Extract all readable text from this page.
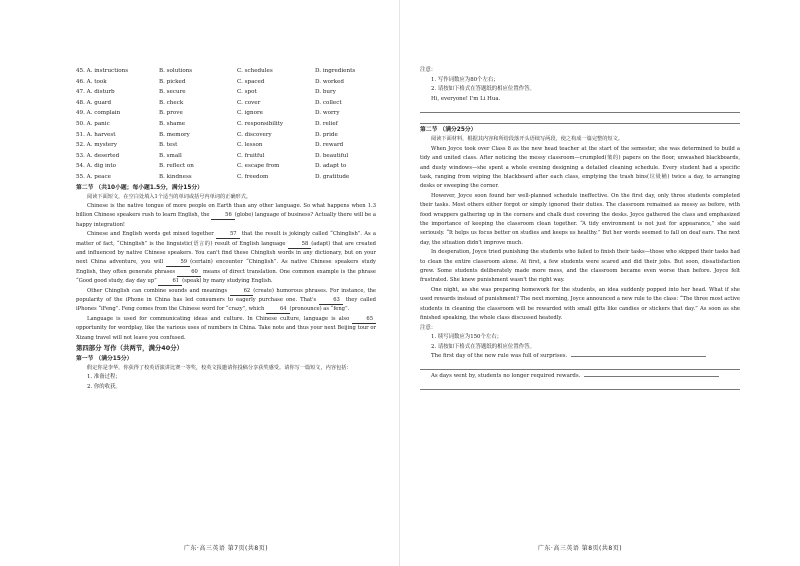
45. A. instructions	B. solutions	C. schedules	D. ingredients
46. A. took	B. picked	C. spaced	D. worked
47. A. disturb	B. secure	C. spot	D. bury
48. A. guard	B. check	C. cover	D. collect
49. A. complain	B. prove	C. ignore	D. worry
50. A. panic	B. shame	C. responsibility	D. relief
51. A. harvest	B. memory	C. discovery	D. pride
52. A. mystery	B. test	C. lesson	D. reward
53. A. deserted	B. small	C. fruitful	D. beautiful
54. A. dig into	B. reflect on	C. escape from	D. adapt to
55. A. peace	B. kindness	C. freedom	D. gratitude
第二节 （共10小题；每小题1.5分，满分15分）

阅读下面短文，在空白处填入1个适当的单词或括号内单词的正确形式。

Chinese is the native tongue of more people on Earth than any other language. So what happens when 1.3 billion Chinese speakers rush to learn English, the	56 (globe) language of business? Actually there will be a happy integration!

Chinese and English words get mixed together	57 that the result is jokingly called “Chinglish”. As a matter of fact, “Chinglish” is the linguistic(语言的) result of English language	58 (adapt) that are created and influenced by native Chinese speakers. You can't find these Chinglish words in any dictionary, but on your next China adventure, you will	59 (certain) encounter “Chinglish”. As native Chinese speakers study English, they often generate phrases	60 means of direct translation. One common example is the phrase “Good good study, day day up”	61 (speak) by many studying English.

Other Chinglish can combine sounds and meanings	62 (create) humorous phrases. For instance, the popularity of the iPhone in China has led consumers to eagerly purchase one. That's	63 they called iPhones “iFeng”. Feng comes from the Chinese word for “crazy”, which	64 (pronounce) as “feng”.

Language is used for communicating ideas and culture. In Chinese culture, language is also	65 opportunity for wordplay, like the various uses of numbers in China. Take note and thus your next Beijing tour or Xizang travel will not leave you confused.

第四部分 写作（共两节，满分40分）
第一节 （满分15分）

假定你是李华，你获得了校英语演讲比赛一等奖，校英文报邀请你投稿分享获奖感受。请你写一篇短文，内容包括：

1. 准备过程；
2. 你的收获。
广东·高三英语 第7页(共8页)
注意：
1. 写作词数应为80个左右；
2. 请按如下格式在答题纸的相应位置作答。
Hi, everyone! I'm Li Hua.
第二节 （满分25分）

阅读下面材料，根据其内容和所给段落开头语续写两段，使之构成一篇完整的短文。

When Joyce took over Class 8 as the new head teacher at the start of the semester, she was determined to build a tidy and united class. After noticing the messy classroom—crumpled(皱的) papers on the floor, unwashed blackboards, and dusty windows—she spent a whole evening designing a detailed cleaning schedule. Every student had a specific task, ranging from wiping the blackboard after each class, emptying the trash bins(垃圾桶) twice a day, to arranging desks or sweeping the corner.

However, Joyce soon found her well-planned schedule ineffective. On the first day, only three students completed their tasks. Most others either forgot or simply ignored their duties. The classroom remained as messy as before, with food wrappers gathering up in the corners and chalk dust covering the desks. Joyce gathered the class and emphasized the importance of keeping the classroom clean together. “A tidy environment is not just for appearance,” she said seriously. “It helps us focus better on studies and keeps us healthy.” But her words seemed to fall on deaf ears. The next day, the situation didn't improve much.

In desperation, Joyce tried punishing the students who failed to finish their tasks—those who skipped their tasks had to clean the entire classroom alone. At first, a few students were scared and did their jobs. But soon, dissatisfaction grew. Some students deliberately made more mess, and the classroom became even worse than before. Joyce felt frustrated. She knew punishment wasn't the right way.

One night, as she was preparing homework for the students, an idea suddenly popped into her head. What if she used rewards instead of punishment? The next morning, Joyce announced a new rule to the class: “The three most active students in cleaning the classroom will be rewarded with small gifts like candies or stickers that day.” As soon as she finished speaking, the whole class discussed heatedly.

注意：
1. 续写词数应为150个左右；
2. 请按如下格式在答题纸的相应位置作答。
The first day of the new rule was full of surprises.
As days went by, students no longer required rewards.
广东·高三英语 第8页(共8页)
